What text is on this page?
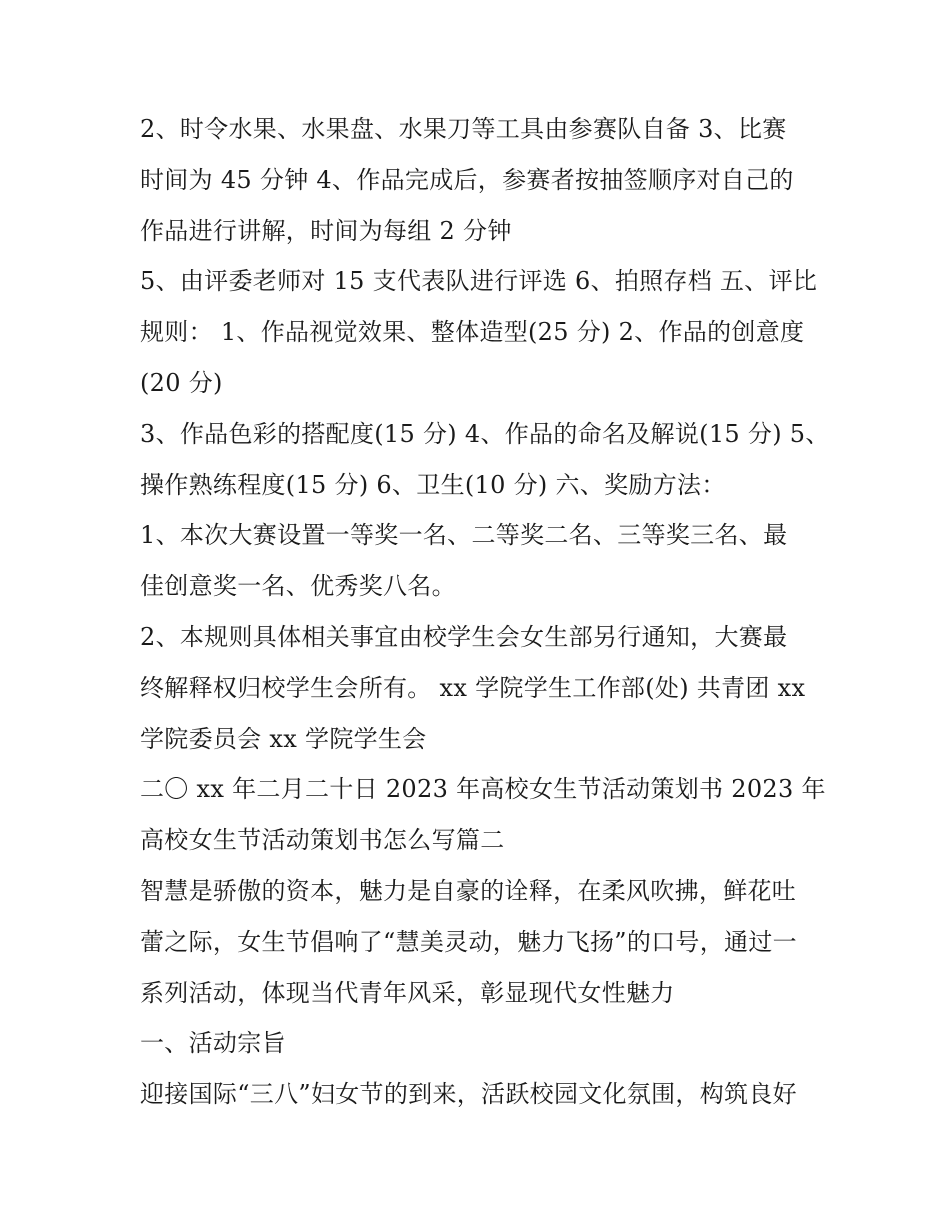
2、时令水果、水果盘、水果刀等工具由参赛队自备 3、比赛
时间为 45 分钟 4、作品完成后，参赛者按抽签顺序对自己的
作品进行讲解，时间为每组 2 分钟
5、由评委老师对 15 支代表队进行评选 6、拍照存档 五、评比
规则： 1、作品视觉效果、整体造型(25 分) 2、作品的创意度
(20 分)
3、作品色彩的搭配度(15 分) 4、作品的命名及解说(15 分) 5、
操作熟练程度(15 分) 6、卫生(10 分) 六、奖励方法：
1、本次大赛设置一等奖一名、二等奖二名、三等奖三名、最
佳创意奖一名、优秀奖八名。
2、本规则具体相关事宜由校学生会女生部另行通知，大赛最
终解释权归校学生会所有。 xx 学院学生工作部(处) 共青团 xx
学院委员会 xx 学院学生会
二〇 xx 年二月二十日 2023 年高校女生节活动策划书 2023 年
高校女生节活动策划书怎么写篇二
智慧是骄傲的资本，魅力是自豪的诠释，在柔风吹拂，鲜花吐
蕾之际，女生节倡响了“慧美灵动，魅力飞扬”的口号，通过一
系列活动，体现当代青年风采，彰显现代女性魅力
一、活动宗旨
迎接国际“三八”妇女节的到来，活跃校园文化氛围，构筑良好
